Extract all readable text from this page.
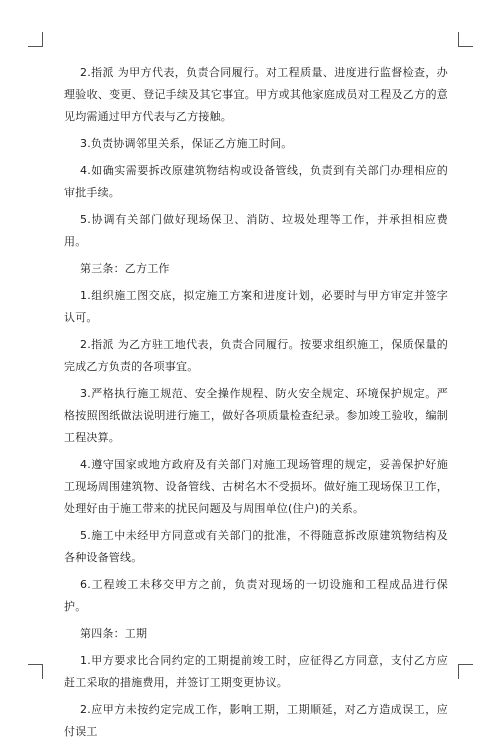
2.指派 为甲方代表，负责合同履行。对工程质量、进度进行监督检查，办理验收、变更、登记手续及其它事宜。甲方或其他家庭成员对工程及乙方的意见均需通过甲方代表与乙方接触。

3.负责协调邻里关系，保证乙方施工时间。

4.如确实需要拆改原建筑物结构或设备管线，负责到有关部门办理相应的审批手续。

5.协调有关部门做好现场保卫、消防、垃圾处理等工作，并承担相应费用。

第三条：乙方工作

1.组织施工图交底，拟定施工方案和进度计划，必要时与甲方审定并签字认可。

2.指派 为乙方驻工地代表，负责合同履行。按要求组织施工，保质保量的完成乙方负责的各项事宜。

3.严格执行施工规范、安全操作规程、防火安全规定、环境保护规定。严格按照图纸做法说明进行施工，做好各项质量检查纪录。参加竣工验收，编制工程决算。

4.遵守国家或地方政府及有关部门对施工现场管理的规定，妥善保护好施工现场周围建筑物、设备管线、古树名木不受损坏。做好施工现场保卫工作，处理好由于施工带来的扰民问题及与周围单位(住户)的关系。

5.施工中未经甲方同意或有关部门的批准，不得随意拆改原建筑物结构及各种设备管线。

6.工程竣工未移交甲方之前，负责对现场的一切设施和工程成品进行保护。

第四条：工期

1.甲方要求比合同约定的工期提前竣工时，应征得乙方同意，支付乙方应赶工采取的措施费用，并签订工期变更协议。

2.应甲方未按约定完成工作，影响工期，工期顺延，对乙方造成误工，应付误工
